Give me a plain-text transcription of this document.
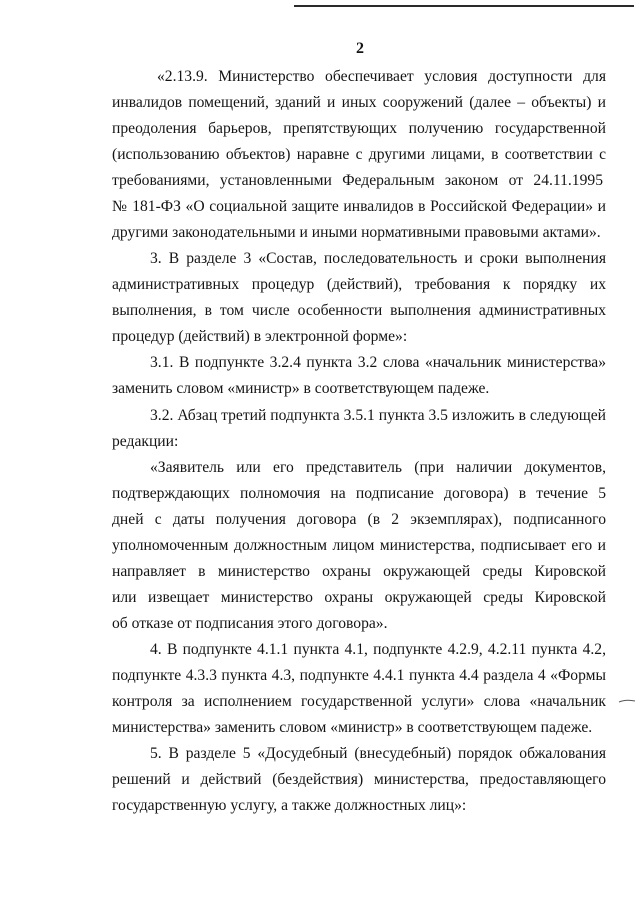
2
«2.13.9. Министерство обеспечивает условия доступности для
инвалидов помещений, зданий и иных сооружений (далее – объекты) и
преодоления барьеров, препятствующих получению государственной
(использованию объектов) наравне с другими лицами, в соответствии с
требованиями, установленными Федеральным законом от 24.11.1995
№ 181-ФЗ «О социальной защите инвалидов в Российской Федерации» и
другими законодательными и иными нормативными правовыми актами».
3. В разделе 3 «Состав, последовательность и сроки выполнения
административных процедур (действий), требования к порядку их
выполнения, в том числе особенности выполнения административных
процедур (действий) в электронной форме»:
3.1. В подпункте 3.2.4 пункта 3.2 слова «начальник министерства»
заменить словом «министр» в соответствующем падеже.
3.2. Абзац третий подпункта 3.5.1 пункта 3.5 изложить в следующей
редакции:
«Заявитель или его представитель (при наличии документов,
подтверждающих полномочия на подписание договора) в течение 5
дней с даты получения договора (в 2 экземплярах), подписанного
уполномоченным должностным лицом министерства, подписывает его и
направляет в министерство охраны окружающей среды Кировской
или извещает министерство охраны окружающей среды Кировской
об отказе от подписания этого договора».
4. В подпункте 4.1.1 пункта 4.1, подпункте 4.2.9, 4.2.11 пункта 4.2,
подпункте 4.3.3 пункта 4.3, подпункте 4.4.1 пункта 4.4 раздела 4 «Формы
контроля за исполнением государственной услуги» слова «начальник
министерства» заменить словом «министр» в соответствующем падеже.
5. В разделе 5 «Досудебный (внесудебный) порядок обжалования
решений и действий (бездействия) министерства, предоставляющего
государственную услугу, а также должностных лиц»:
